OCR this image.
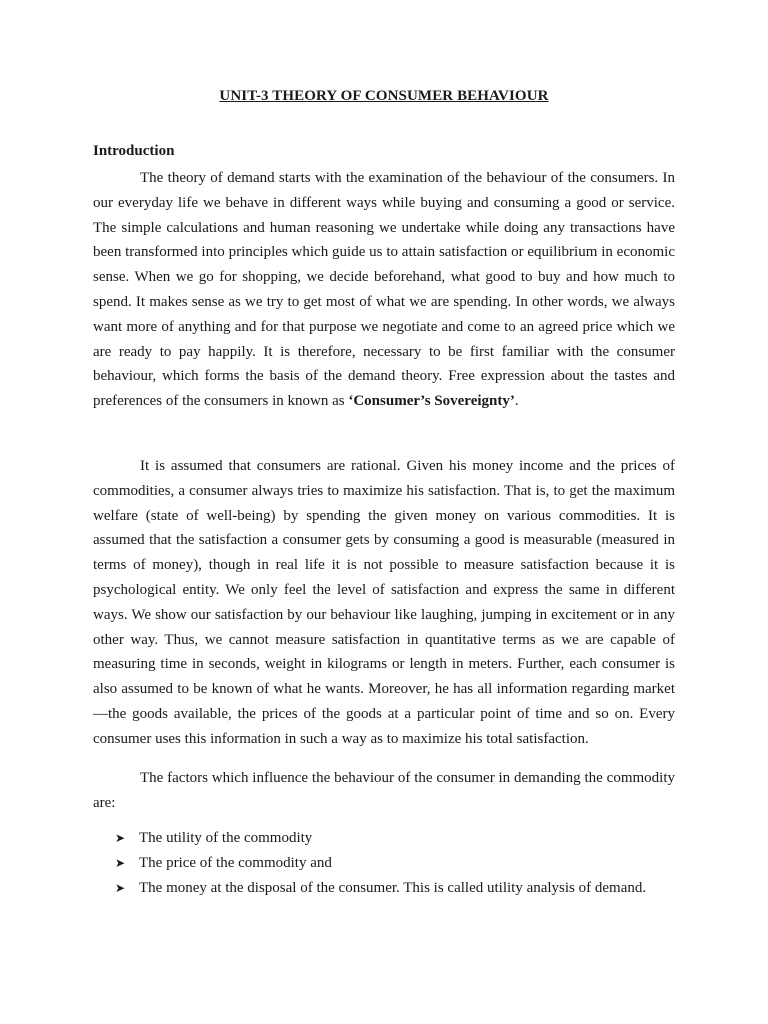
UNIT-3 THEORY OF CONSUMER BEHAVIOUR
Introduction

The theory of demand starts with the examination of the behaviour of the consumers. In our everyday life we behave in different ways while buying and consuming a good or service. The simple calculations and human reasoning we undertake while doing any transactions have been transformed into principles which guide us to attain satisfaction or equilibrium in economic sense. When we go for shopping, we decide beforehand, what good to buy and how much to spend. It makes sense as we try to get most of what we are spending. In other words, we always want more of anything and for that purpose we negotiate and come to an agreed price which we are ready to pay happily. It is therefore, necessary to be first familiar with the consumer behaviour, which forms the basis of the demand theory. Free expression about the tastes and preferences of the consumers in known as ‘Consumer’s Sovereignty’.

It is assumed that consumers are rational. Given his money income and the prices of commodities, a consumer always tries to maximize his satisfaction. That is, to get the maximum welfare (state of well-being) by spending the given money on various commodities. It is assumed that the satisfaction a consumer gets by consuming a good is measurable (measured in terms of money), though in real life it is not possible to measure satisfaction because it is psychological entity. We only feel the level of satisfaction and express the same in different ways. We show our satisfaction by our behaviour like laughing, jumping in excitement or in any other way. Thus, we cannot measure satisfaction in quantitative terms as we are capable of measuring time in seconds, weight in kilograms or length in meters. Further, each consumer is also assumed to be known of what he wants. Moreover, he has all information regarding market—the goods available, the prices of the goods at a particular point of time and so on. Every consumer uses this information in such a way as to maximize his total satisfaction.

The factors which influence the behaviour of the consumer in demanding the commodity are:

➤ The utility of the commodity
➤ The price of the commodity and
➤ The money at the disposal of the consumer. This is called utility analysis of demand.
